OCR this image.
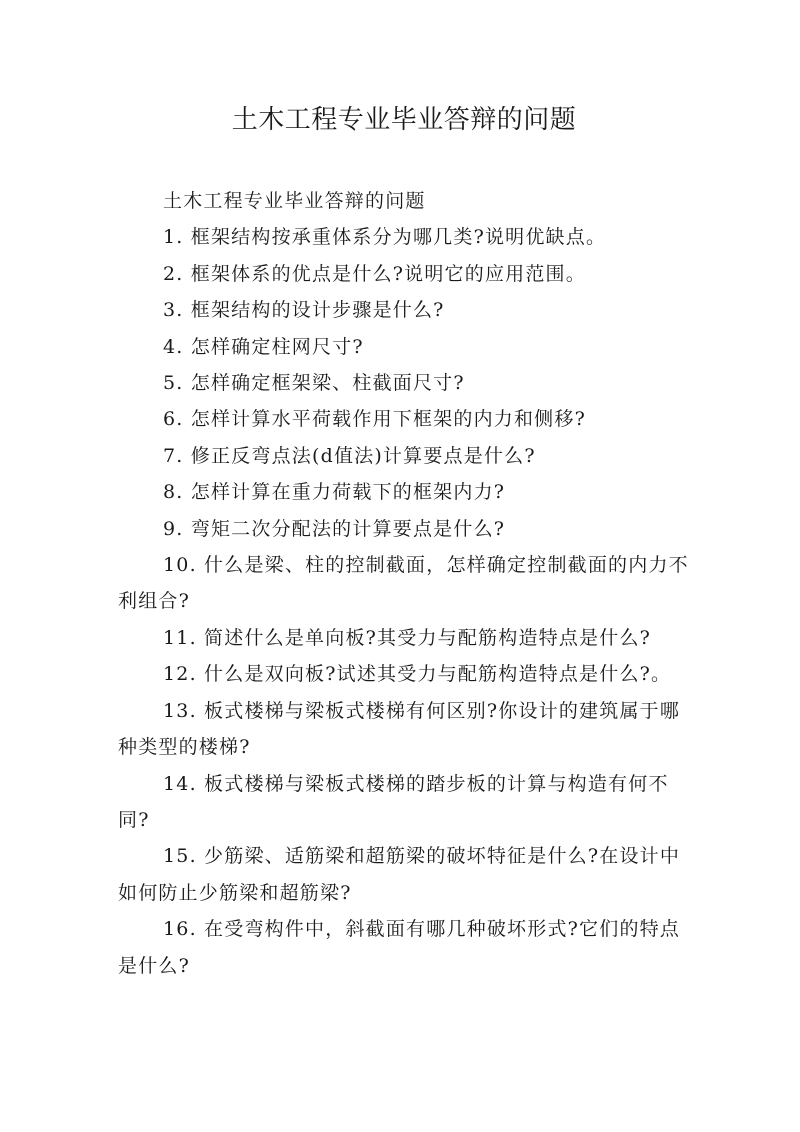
土木工程专业毕业答辩的问题

土木工程专业毕业答辩的问题

1. 框架结构按承重体系分为哪几类?说明优缺点。

2. 框架体系的优点是什么?说明它的应用范围。

3. 框架结构的设计步骤是什么?

4. 怎样确定柱网尺寸?

5. 怎样确定框架梁、柱截面尺寸?

6. 怎样计算水平荷载作用下框架的内力和侧移?

7. 修正反弯点法(d值法)计算要点是什么?

8. 怎样计算在重力荷载下的框架内力?

9. 弯矩二次分配法的计算要点是什么?

10. 什么是梁、柱的控制截面，怎样确定控制截面的内力不利组合?

11. 简述什么是单向板?其受力与配筋构造特点是什么?

12. 什么是双向板?试述其受力与配筋构造特点是什么?。

13. 板式楼梯与梁板式楼梯有何区别?你设计的建筑属于哪种类型的楼梯?

14. 板式楼梯与梁板式楼梯的踏步板的计算与构造有何不同?

15. 少筋梁、适筋梁和超筋梁的破坏特征是什么?在设计中如何防止少筋梁和超筋梁?

16. 在受弯构件中，斜截面有哪几种破坏形式?它们的特点是什么?
